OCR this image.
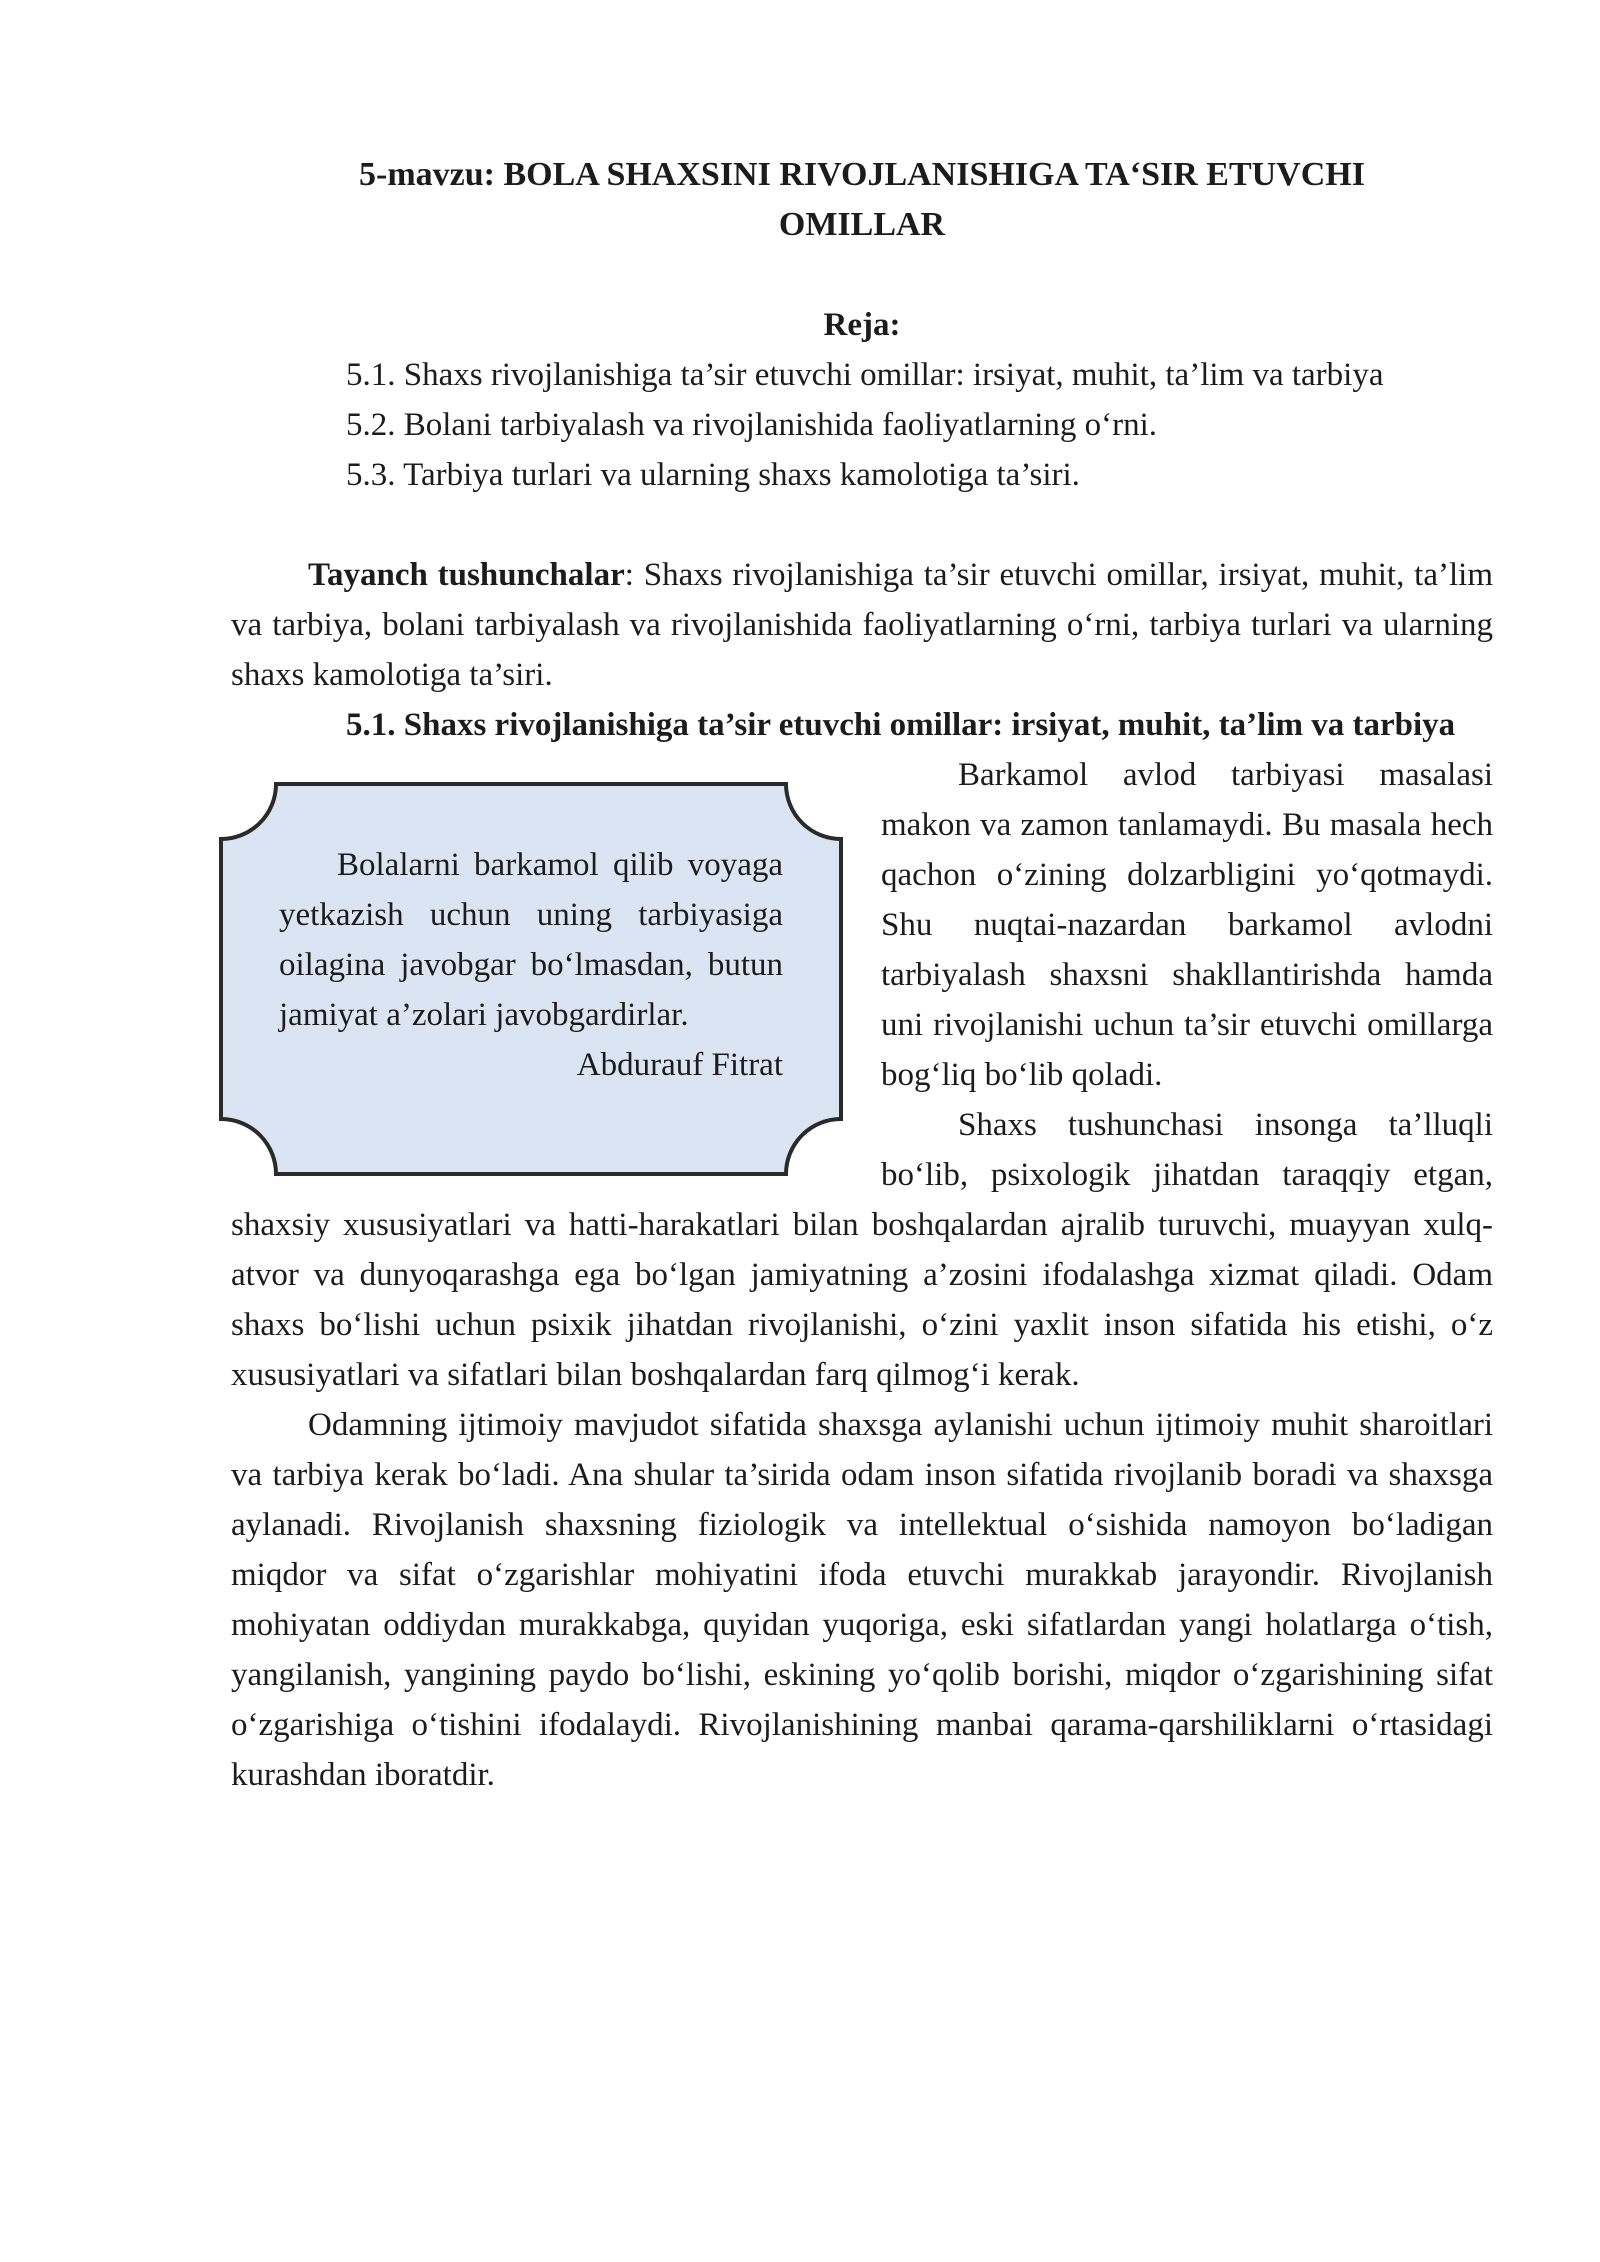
5-mavzu: BOLA SHAXSINI RIVOJLANISHIGA TA‘SIR ETUVCHI OMILLAR

Reja:

5.1. Shaxs rivojlanishiga ta’sir etuvchi omillar: irsiyat, muhit, ta’lim va tarbiya

5.2. Bolani tarbiyalash va rivojlanishida faoliyatlarning o‘rni.

5.3. Tarbiya turlari va ularning shaxs kamolotiga ta’siri.

Tayanch tushunchalar: Shaxs rivojlanishiga ta’sir etuvchi omillar, irsiyat, muhit, ta’lim va tarbiya, bolani tarbiyalash va rivojlanishida faoliyatlarning o‘rni, tarbiya turlari va ularning shaxs kamolotiga ta’siri.

5.1. Shaxs rivojlanishiga ta’sir etuvchi omillar: irsiyat, muhit, ta’lim va tarbiya

Bolalarni barkamol qilib voyaga yetkazish uchun uning tarbiyasiga oilagina javobgar bo‘lmasdan, butun jamiyat a’zolari javobgardirlar.

Abdurauf Fitrat

Barkamol avlod tarbiyasi masalasi makon va zamon tanlamaydi. Bu masala hech qachon o‘zining dolzarbligini yo‘qotmaydi. Shu nuqtai-nazardan barkamol avlodni tarbiyalash shaxsni shakllantirishda hamda uni rivojlanishi uchun ta’sir etuvchi omillarga bog‘liq bo‘lib qoladi.

Shaxs tushunchasi insonga ta’lluqli bo‘lib, psixologik jihatdan taraqqiy etgan, shaxsiy xususiyatlari va hatti-harakatlari bilan boshqalardan ajralib turuvchi, muayyan xulq-atvor va dunyoqarashga ega bo‘lgan jamiyatning a’zosini ifodalashga xizmat qiladi. Odam shaxs bo‘lishi uchun psixik jihatdan rivojlanishi, o‘zini yaxlit inson sifatida his etishi, o‘z xususiyatlari va sifatlari bilan boshqalardan farq qilmog‘i kerak.

Odamning ijtimoiy mavjudot sifatida shaxsga aylanishi uchun ijtimoiy muhit sharoitlari va tarbiya kerak bo‘ladi. Ana shular ta’sirida odam inson sifatida rivojlanib boradi va shaxsga aylanadi. Rivojlanish shaxsning fiziologik va intellektual o‘sishida namoyon bo‘ladigan miqdor va sifat o‘zgarishlar mohiyatini ifoda etuvchi murakkab jarayondir. Rivojlanish mohiyatan oddiydan murakkabga, quyidan yuqoriga, eski sifatlardan yangi holatlarga o‘tish, yangilanish, yangining paydo bo‘lishi, eskining yo‘qolib borishi, miqdor o‘zgarishining sifat o‘zgarishiga o‘tishini ifodalaydi. Rivojlanishining manbai qarama-qarshiliklarni o‘rtasidagi kurashdan iboratdir.
